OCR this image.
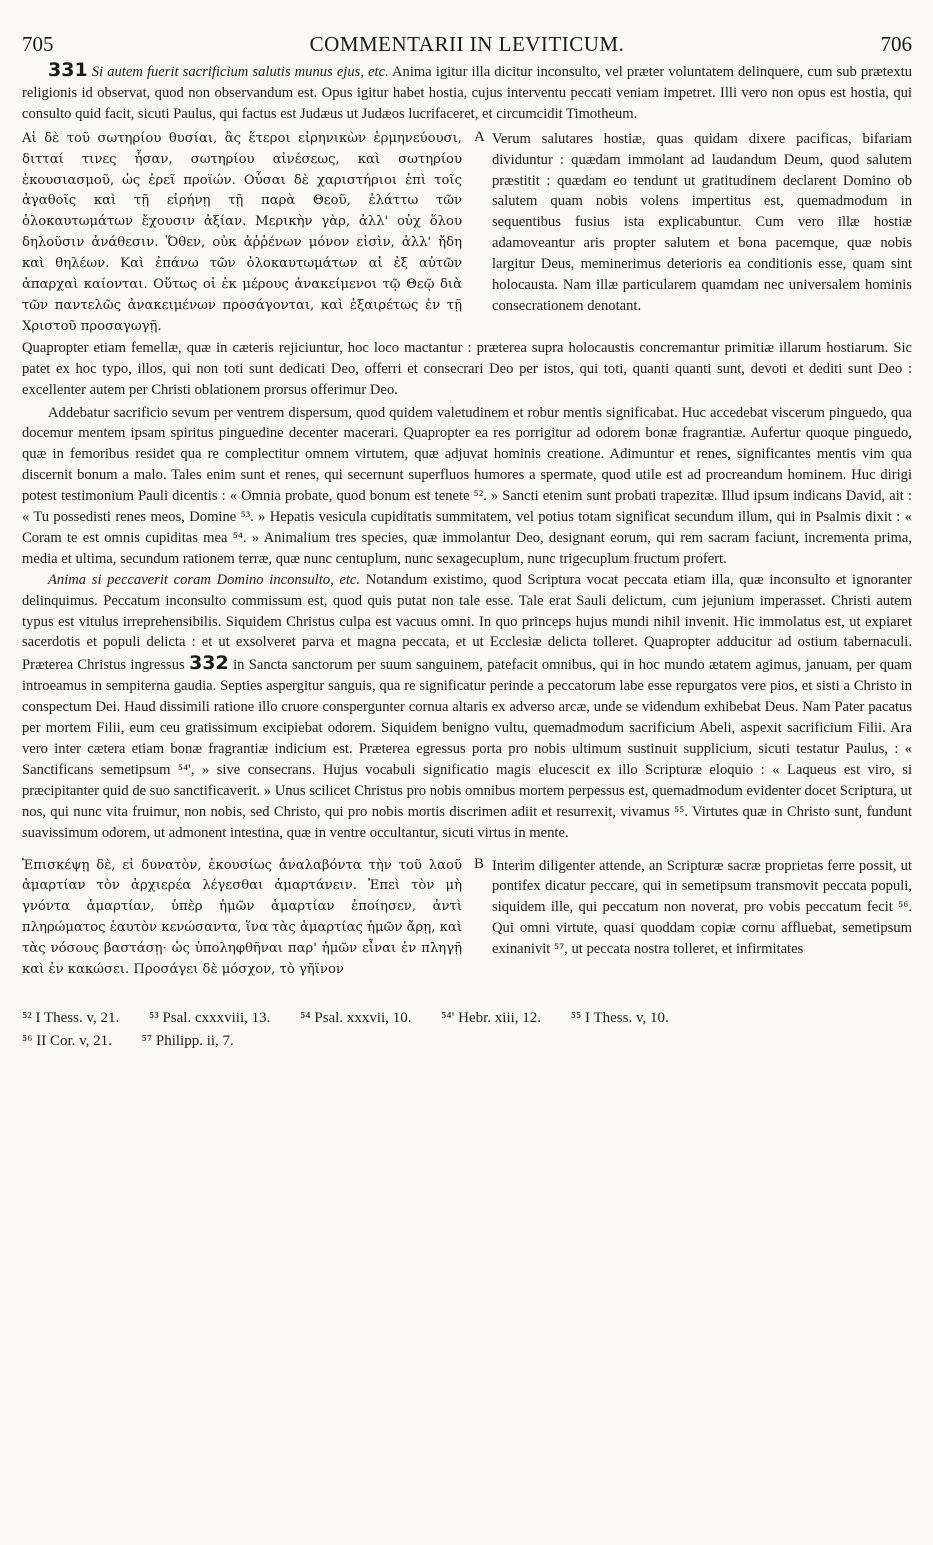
705	COMMENTARII IN LEVITICUM.	706

331 Si autem fuerit sacrificium salutis munus ejus, etc. Anima igitur illa dicitur inconsulto, vel præter voluntatem delinquere, cum sub prætextu religionis id observat, quod non observandum est. Opus igitur habet hostia, cujus interventu peccati veniam impetret. Illi vero non opus est hostia, qui consulto quid facit, sicuti Paulus, qui factus est Judæus ut Judæos lucrifaceret, et circumcidit Timotheum.

Αἱ δὲ τοῦ σωτηρίου θυσίαι, ἃς ἕτεροι εἰρηνικὼν ἑρμηνεύουσι, διτταί τινες ἦσαν, σωτηρίου αἰνέσεως, καὶ σωτηρίου ἑκουσιασμοῦ, ὡς ἐρεῖ προϊών. Οὖσαι δὲ χαριστήριοι ἐπὶ τοῖς ἀγαθοῖς καὶ τῇ εἰρήνῃ τῇ παρὰ Θεοῦ, ἐλάττω τῶν ὁλοκαυτωμάτων ἔχουσιν ἀξίαν. Μερικὴν γὰρ, ἀλλ' οὐχ ὅλου δηλοῦσιν ἀνάθεσιν. Ὅθεν, οὐκ ἀῤῥένων μόνον εἰσὶν, ἀλλ' ἤδη καὶ θηλέων. Καὶ ἐπάνω τῶν ὁλοκαυτωμάτων αἱ ἐξ αὐτῶν ἀπαρχαὶ καίονται. Οὕτως οἱ ἐκ μέρους ἀνακείμενοι τῷ Θεῷ διὰ τῶν παντελῶς ἀνακειμένων προσάγονται, καὶ ἐξαιρέτως ἐν τῇ Χριστοῦ προσαγωγῇ.

A Verum salutares hostiæ, quas quidam dixere pacificas, bifariam dividuntur : quædam immolant ad laudandum Deum, quod salutem præstitit : quædam eo tendunt ut gratitudinem declarent Domino ob salutem quam nobis volens impertitus est, quemadmodum in sequentibus fusius ista explicabuntur. Cum vero illæ hostiæ adamoveantur aris propter salutem et bona pacemque, quæ nobis largitur Deus, meminerimus deterioris ea conditionis esse, quam sint holocausta. Nam illæ particularem quamdam nec universalem hominis consecrationem denotant.

Quapropter etiam femellæ, quæ in cæteris rejiciuntur, hoc loco mactantur : præterea supra holocaustis concremantur primitiæ illarum hostiarum. Sic patet ex hoc typo, illos, qui non toti sunt dedicati Deo, offerri et consecrari Deo per istos, qui toti, quanti quanti sunt, devoti et dediti sunt Deo : excellenter autem per Christi oblationem prorsus offerimur Deo.

Addebatur sacrificio sevum per ventrem dispersum, quod quidem valetudinem et robur mentis significabat. Huc accedebat viscerum pinguedo, qua docemur mentem ipsam spiritus pinguedine decenter macerari. Quapropter ea res porrigitur ad odorem bonæ fragrantiæ. Aufertur quoque pinguedo, quæ in femoribus residet qua re complectitur omnem virtutem, quæ adjuvat hominis creatione. Adimuntur et renes, significantes mentis vim qua discernit bonum a malo. Tales enim sunt et renes, qui secernunt superfluos humores a spermate, quod utile est ad procreandum hominem. Huc dirigi potest testimonium Pauli dicentis : « Omnia probate, quod bonum est tenete ⁵². » Sancti etenim sunt probati trapezitæ. Illud ipsum indicans David, ait : « Tu possedisti renes meos, Domine ⁵³. » Hepatis vesicula cupiditatis summitatem, vel potius totam significat secundum illum, qui in Psalmis dixit : « Coram te est omnis cupiditas mea ⁵⁴. » Animalium tres species, quæ immolantur Deo, designant eorum, qui rem sacram faciunt, incrementa prima, media et ultima, secundum rationem terræ, quæ nunc centuplum, nunc sexagecuplum, nunc trigecuplum fructum profert.

Anima si peccaverit coram Domino inconsulto, etc. Notandum existimo, quod Scriptura vocat peccata etiam illa, quæ inconsulto et ignoranter delinquimus. Peccatum inconsulto commissum est, quod quis putat non tale esse. Tale erat Sauli delictum, cum jejunium imperasset. Christi autem typus est vitulus irreprehensibilis. Siquidem Christus culpa est vacuus omni. In quo princeps hujus mundi nihil invenit. Hic immolatus est, ut expiaret sacerdotis et populi delicta : et ut exsolveret parva et magna peccata, et ut Ecclesiæ delicta tolleret. Quapropter adducitur ad ostium tabernaculi. Præterea Christus ingressus 332 in Sancta sanctorum per suum sanguinem, patefacit omnibus, qui in hoc mundo ætatem agimus, januam, per quam introeamus in sempiterna gaudia. Septies aspergitur sanguis, qua re significatur perinde a peccatorum labe esse repurgatos vere pios, et sisti a Christo in conspectum Dei. Haud dissimili ratione illo cruore conspergunter cornua altaris ex adverso arcæ, unde se videndum exhibebat Deus. Nam Pater pacatus per mortem Filii, eum ceu gratissimum excipiebat odorem. Siquidem benigno vultu, quemadmodum sacrificium Abeli, aspexit sacrificium Filii. Ara vero inter cætera etiam bonæ fragrantiæ indicium est. Præterea egressus porta pro nobis ultimum sustinuit supplicium, sicuti testatur Paulus, : « Sanctificans semetipsum ⁵⁴', » sive consecrans. Hujus vocabuli significatio magis elucescit ex illo Scripturæ eloquio : « Laqueus est viro, si præcipitanter quid de suo sanctificaverit. » Unus scilicet Christus pro nobis omnibus mortem perpessus est, quemadmodum evidenter docet Scriptura, ut nos, qui nunc vita fruimur, non nobis, sed Christo, qui pro nobis mortis discrimen adiit et resurrexit, vivamus ⁵⁵. Virtutes quæ in Christo sunt, fundunt suavissimum odorem, ut admonent intestina, quæ in ventre occultantur, sicuti virtus in mente.

Ἐπισκέψῃ δὲ, εἰ δυνατὸν, ἑκουσίως ἀναλαβόντα τὴν τοῦ λαοῦ ἁμαρτίαν τὸν ἀρχιερέα λέγεσθαι ἁμαρτάνειν. Ἐπεὶ τὸν μὴ γνόντα ἁμαρτίαν, ὑπὲρ ἡμῶν ἁμαρτίαν ἐποίησεν, ἀντὶ πληρώματος ἑαυτὸν κενώσαντα, ἵνα τὰς ἁμαρτίας ἡμῶν ἄρῃ, καὶ τὰς νόσους βαστάσῃ· ὡς ὑποληφθῆναι παρ' ἡμῶν εἶναι ἐν πληγῇ καὶ ἐν κακώσει. Προσάγει δὲ μόσχον, τὸ γῆϊνον

B Interim diligenter attende, an Scripturæ sacræ proprietas ferre possit, ut pontifex dicatur peccare, qui in semetipsum transmovit peccata populi, siquidem ille, qui peccatum non noverat, pro vobis peccatum fecit ⁵⁶. Qui omni virtute, quasi quoddam copiæ cornu affluebat, semetipsum exinanivit ⁵⁷, ut peccata nostra tolleret, et infirmitates

⁵² I Thess. v, 21. ⁵³ Psal. cxxxviii, 13. ⁵⁴ Psal. xxxvii, 10. ⁵⁴' Hebr. xiii, 12. ⁵⁵ I Thess. v, 10.

⁵⁶ II Cor. v, 21. ⁵⁷ Philipp. ii, 7.
